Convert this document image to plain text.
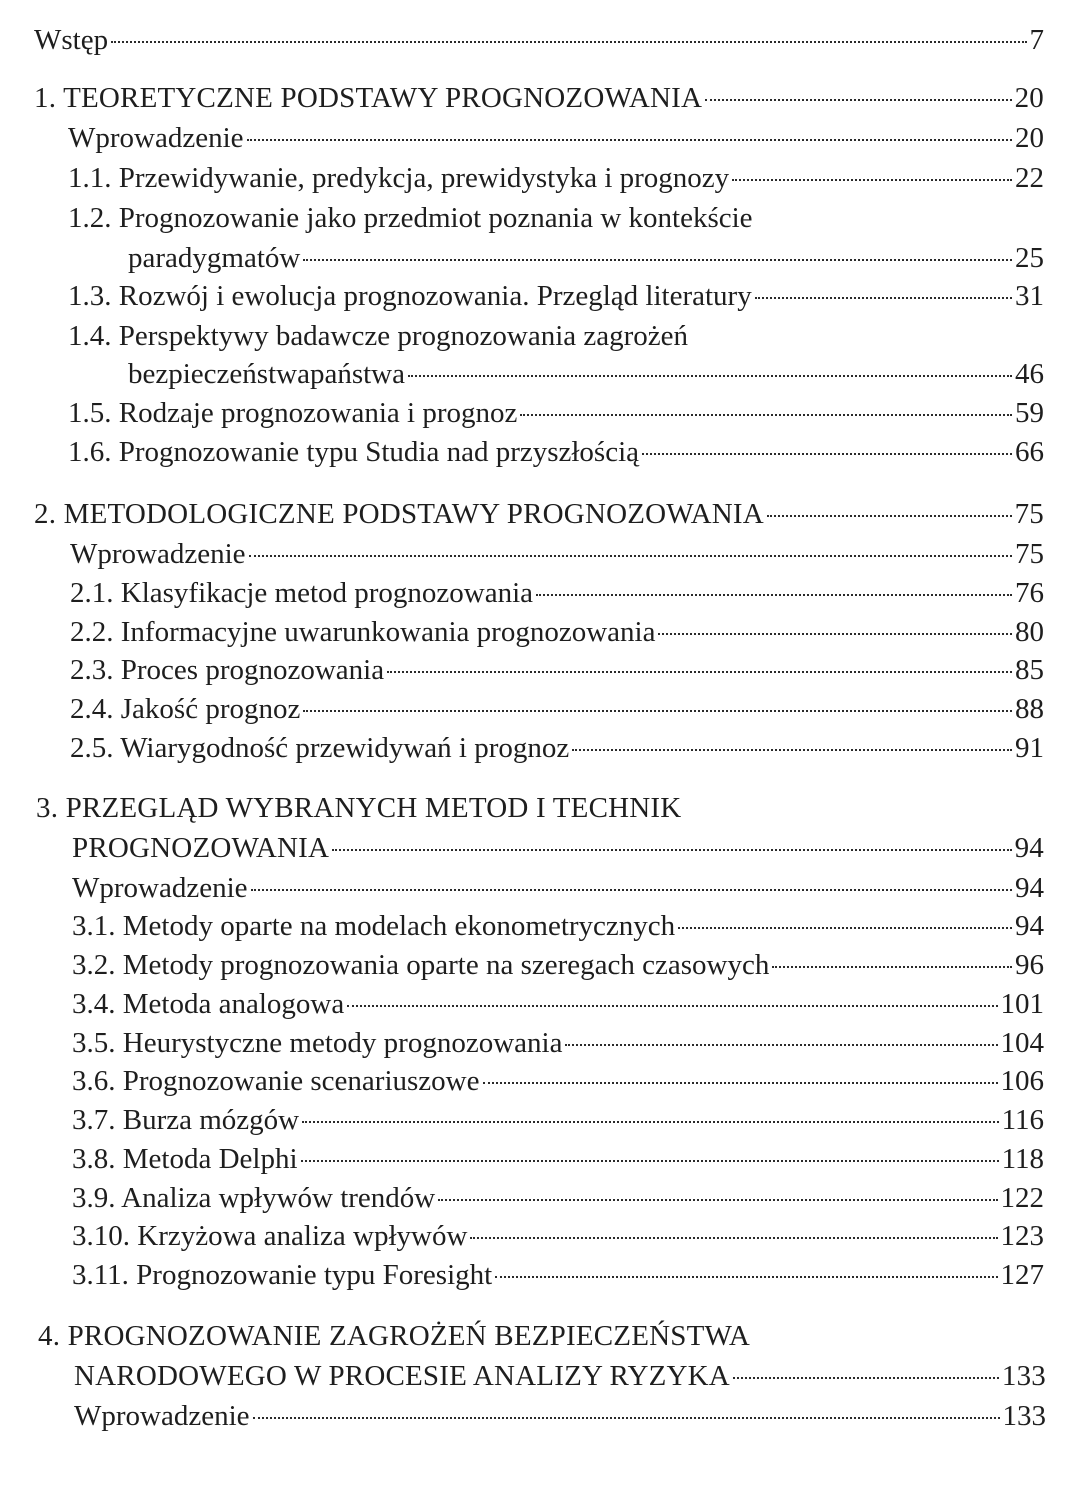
Wstęp	7
1. TEORETYCZNE PODSTAWY PROGNOZOWANIA	20
Wprowadzenie	20
1.1. Przewidywanie, predykcja, prewidystyka i prognozy	22
1.2. Prognozowanie jako przedmiot poznania w kontekście
paradygmatów	25
1.3. Rozwój i ewolucja prognozowania. Przegląd literatury	31
1.4. Perspektywy badawcze prognozowania zagrożeń
bezpieczeństwapaństwa	46
1.5. Rodzaje prognozowania i prognoz	59
1.6. Prognozowanie typu Studia nad przyszłością	66
2. METODOLOGICZNE PODSTAWY PROGNOZOWANIA	75
Wprowadzenie	75
2.1. Klasyfikacje metod prognozowania	76
2.2. Informacyjne uwarunkowania prognozowania	80
2.3. Proces prognozowania	85
2.4. Jakość prognoz	88
2.5. Wiarygodność przewidywań i prognoz	91
3. PRZEGLĄD WYBRANYCH METOD I TECHNIK
PROGNOZOWANIA	94
Wprowadzenie	94
3.1. Metody oparte na modelach ekonometrycznych	94
3.2. Metody prognozowania oparte na szeregach czasowych	96
3.4. Metoda analogowa	101
3.5. Heurystyczne metody prognozowania	104
3.6. Prognozowanie scenariuszowe	106
3.7. Burza mózgów	116
3.8. Metoda Delphi	118
3.9. Analiza wpływów trendów	122
3.10. Krzyżowa analiza wpływów	123
3.11. Prognozowanie typu Foresight	127
4. PROGNOZOWANIE ZAGROŻEŃ BEZPIECZEŃSTWA
NARODOWEGO W PROCESIE ANALIZY RYZYKA	133
Wprowadzenie	133
